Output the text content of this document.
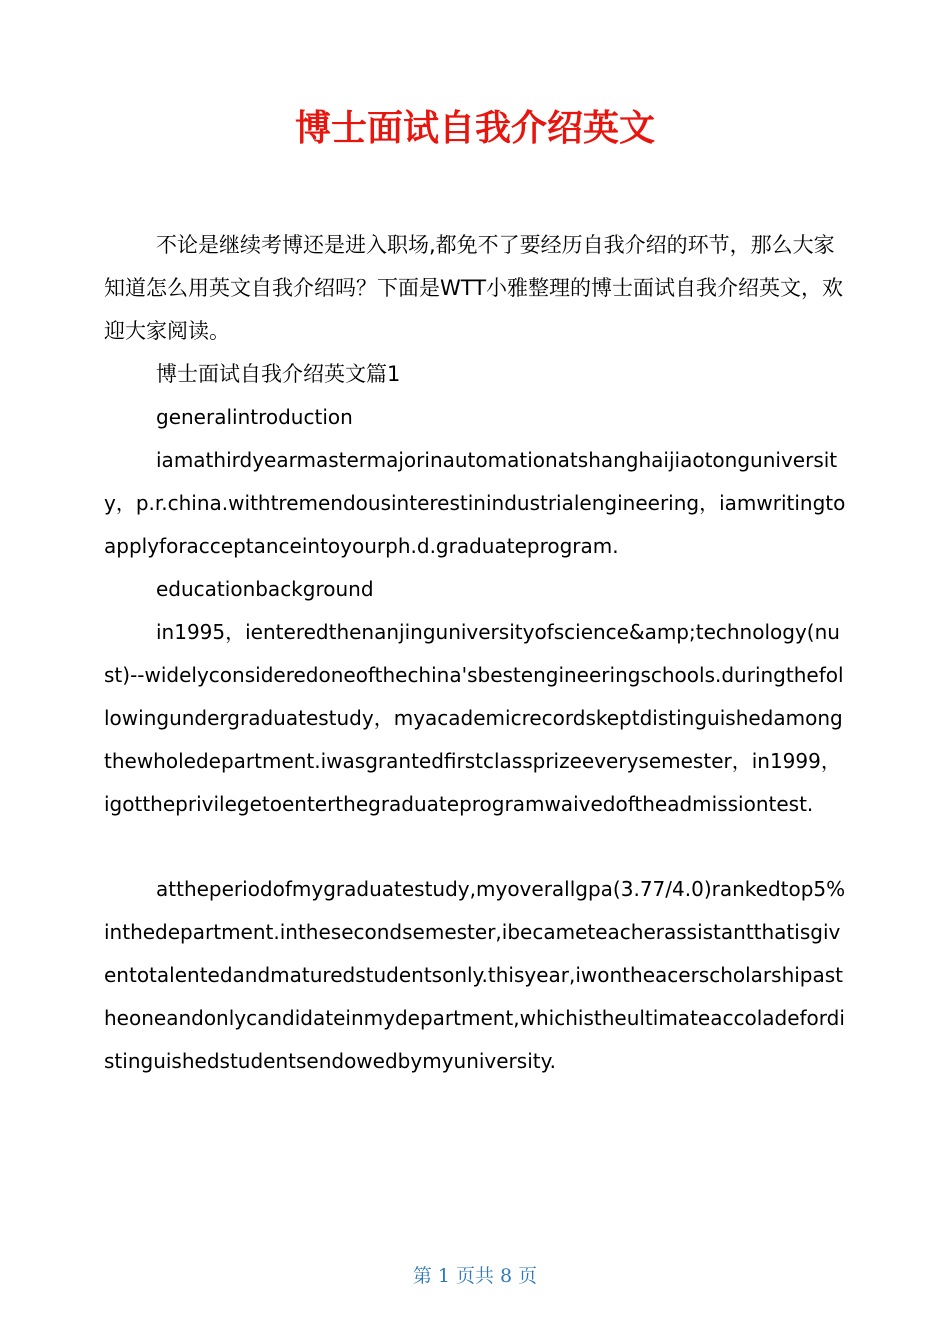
博士面试自我介绍英文

不论是继续考博还是进入职场,都免不了要经历自我介绍的环节，那么大家知道怎么用英文自我介绍吗？下面是WTT小雅整理的博士面试自我介绍英文，欢迎大家阅读。

博士面试自我介绍英文篇1

generalintroduction

iamathirdyearmastermajorinautomationatshanghaijiaotonguniversity，p.r.china.withtremendousinterestinindustrialengineering，iamwritingtoapplyforacceptanceintoyourph.d.graduateprogram.

educationbackground

in1995，ienteredthenanjinguniversityofscience&amp;technology(nust)--widelyconsideredoneofthechina'sbestengineeringschools.duringthefollowingundergraduatestudy，myacademicrecordskeptdistinguishedamongthewholedepartment.iwasgrantedfirstclassprizeeverysemester，in1999，igottheprivilegetoenterthegraduateprogramwaivedoftheadmissiontest.

attheperiodofmygraduatestudy,myoverallgpa(3.77/4.0)rankedtop5%inthedepartment.inthesecondsemester,ibecameteacherassistantthatisgiventotalentedandmaturedstudentsonly.thisyear,iwontheacerscholarshipastheoneandonlycandidateinmydepartment,whichistheultimateaccoladefordistinguishedstudentsendowedbymyuniversity.

第 1 页共 8 页
